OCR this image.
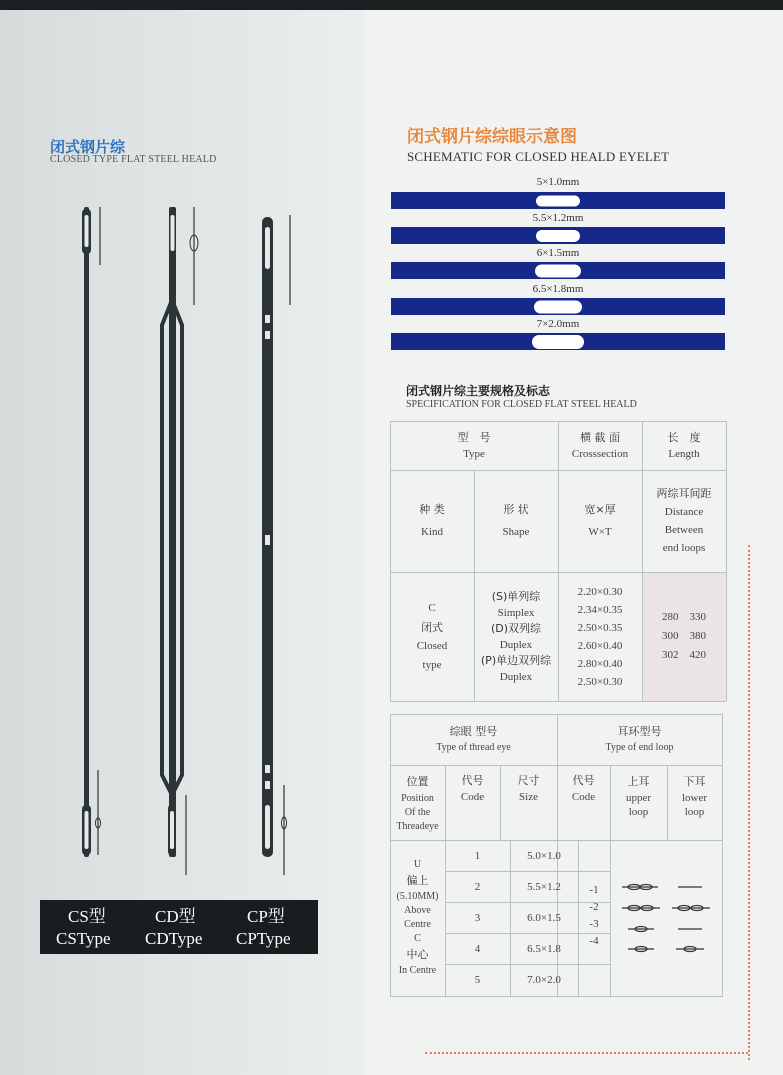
闭式钢片综
CLOSED TYPE FLAT STEEL HEALD
CS型	CD型	CP型
CSType CDType CPType
闭式钢片综综眼示意图
SCHEMATIC FOR CLOSED HEALD EYELET
5×1.0mm
5.5×1.2mm
6×1.5mm
6.5×1.8mm
7×2.0mm
闭式钢片综主要规格及标志
SPECIFICATION FOR CLOSED FLAT STEEL HEALD
型　号
Type
横 截 面
Crosssection
长　度
Length
种 类
Kind
形 状
Shape
宽×厚
W×T
两综耳间距
Distance
Between
end loops
C
闭式
Closed
type
(S)单列综
Simplex
(D)双列综
Duplex
(P)单边双列综
Duplex
2.20×0.30
2.34×0.35
2.50×0.35
2.60×0.40
2.80×0.40
2.50×0.30
280　330
300　380
302　420
综眼 型号
Type of thread eye
耳环型号
Type of end loop
位置
Position
Of the
Threadeye
代号
Code
尺寸
Size
代号
Code
上耳
upper
loop
下耳
lower
loop
U
偏上
(5.10MM)
Above
Centre
C
中心
In Centre
1
2
3
4
5
5.0×1.0
5.5×1.2
6.0×1.5
6.5×1.8
7.0×2.0
-1
-2
-3
-4
